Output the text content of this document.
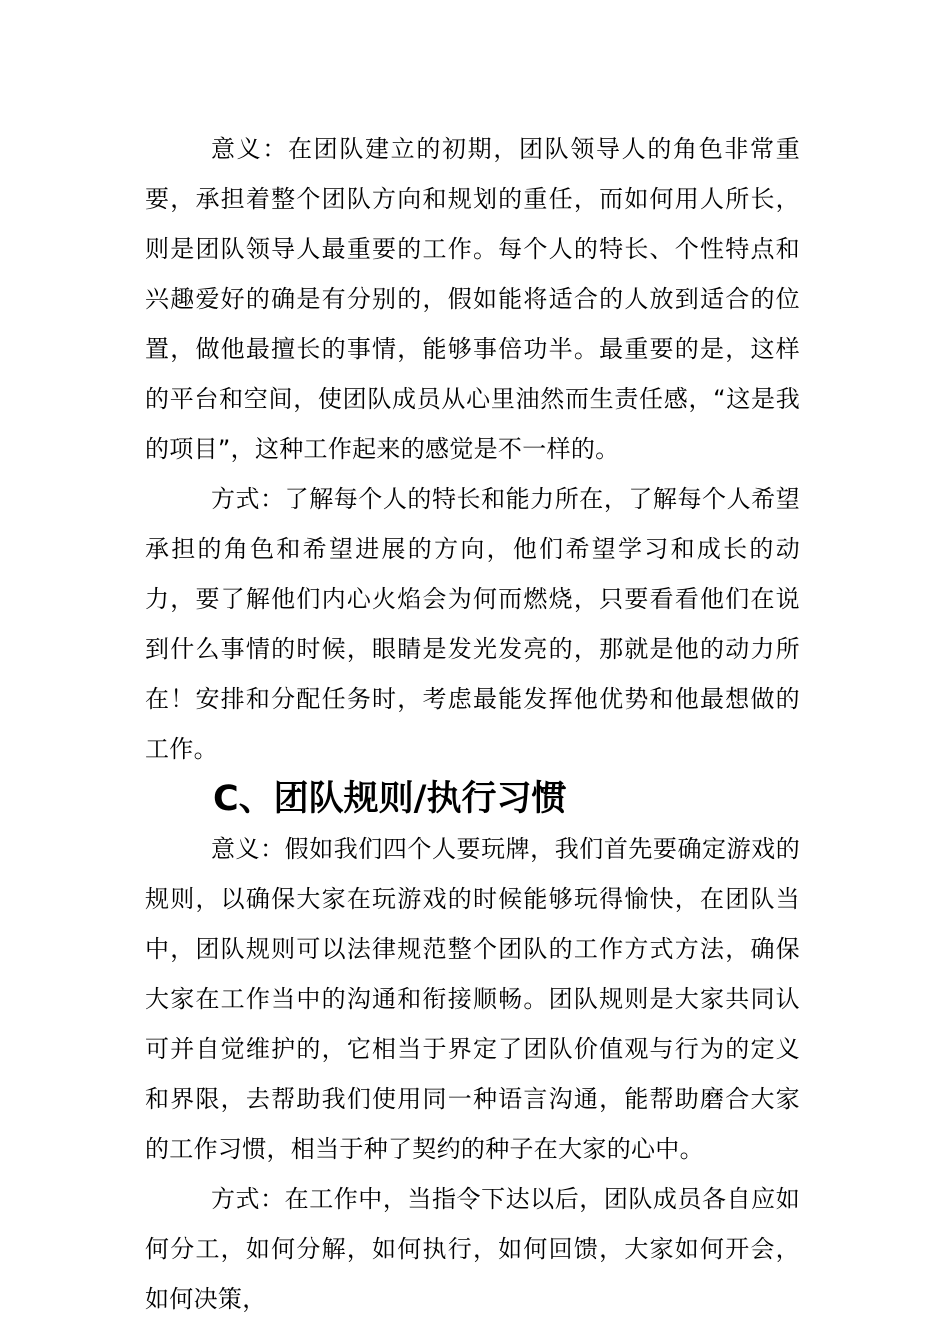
意义：在团队建立的初期，团队领导人的角色非常重要，承担着整个团队方向和规划的重任，而如何用人所长，则是团队领导人最重要的工作。每个人的特长、个性特点和兴趣爱好的确是有分别的，假如能将适合的人放到适合的位置，做他最擅长的事情，能够事倍功半。最重要的是，这样的平台和空间，使团队成员从心里油然而生责任感，“这是我的项目”，这种工作起来的感觉是不一样的。

方式：了解每个人的特长和能力所在，了解每个人希望承担的角色和希望进展的方向，他们希望学习和成长的动力，要了解他们内心火焰会为何而燃烧，只要看看他们在说到什么事情的时候，眼睛是发光发亮的，那就是他的动力所在！安排和分配任务时，考虑最能发挥他优势和他最想做的工作。

C、团队规则/执行习惯

意义：假如我们四个人要玩牌，我们首先要确定游戏的规则，以确保大家在玩游戏的时候能够玩得愉快，在团队当中，团队规则可以法律规范整个团队的工作方式方法，确保大家在工作当中的沟通和衔接顺畅。团队规则是大家共同认可并自觉维护的，它相当于界定了团队价值观与行为的定义和界限，去帮助我们使用同一种语言沟通，能帮助磨合大家的工作习惯，相当于种了契约的种子在大家的心中。

方式：在工作中，当指令下达以后，团队成员各自应如何分工，如何分解，如何执行，如何回馈，大家如何开会，如何决策，
